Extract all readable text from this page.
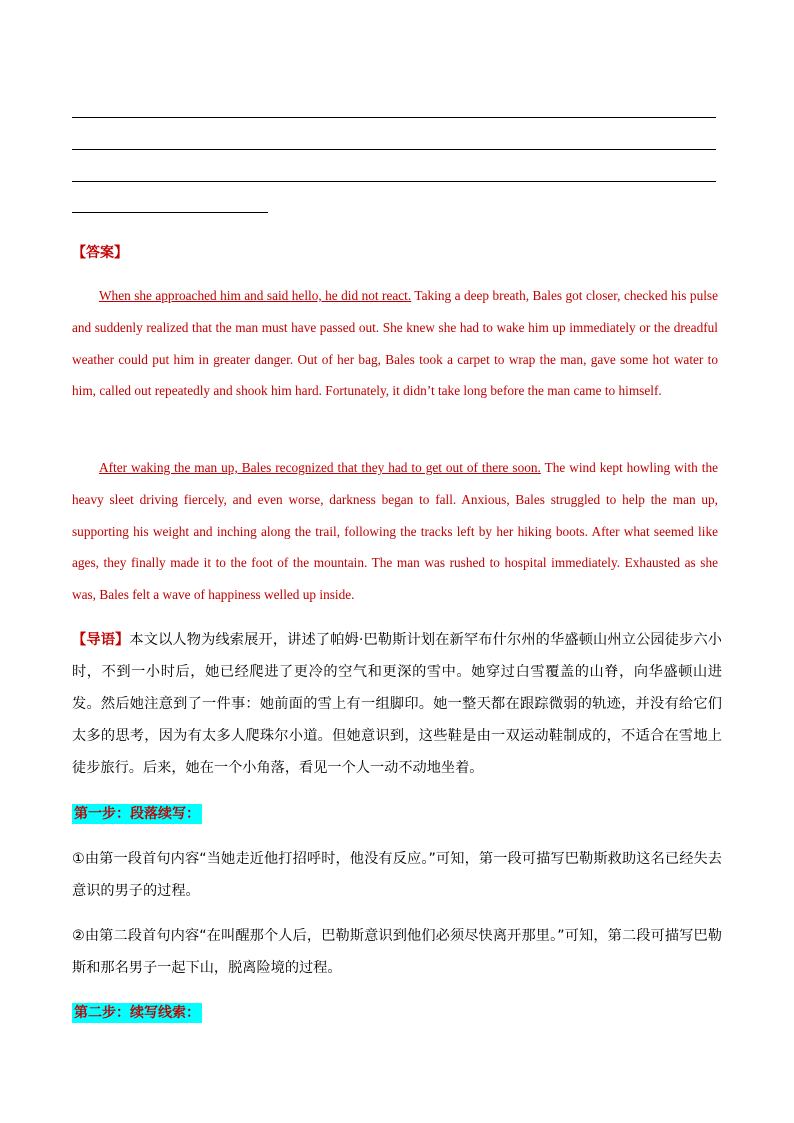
【答案】

When she approached him and said hello, he did not react. Taking a deep breath, Bales got closer, checked his pulse and suddenly realized that the man must have passed out. She knew she had to wake him up immediately or the dreadful weather could put him in greater danger. Out of her bag, Bales took a carpet to wrap the man, gave some hot water to him, called out repeatedly and shook him hard. Fortunately, it didn’t take long before the man came to himself.

After waking the man up, Bales recognized that they had to get out of there soon. The wind kept howling with the heavy sleet driving fiercely, and even worse, darkness began to fall. Anxious, Bales struggled to help the man up, supporting his weight and inching along the trail, following the tracks left by her hiking boots. After what seemed like ages, they finally made it to the foot of the mountain. The man was rushed to hospital immediately. Exhausted as she was, Bales felt a wave of happiness welled up inside.

【导语】本文以人物为线索展开，讲述了帕姆·巴勒斯计划在新罕布什尔州的华盛顿山州立公园徒步六小时，不到一小时后，她已经爬进了更冷的空气和更深的雪中。她穿过白雪覆盖的山脊，向华盛顿山进发。然后她注意到了一件事：她前面的雪上有一组脚印。她一整天都在跟踪微弱的轨迹，并没有给它们太多的思考，因为有太多人爬珠尔小道。但她意识到，这些鞋是由一双运动鞋制成的，不适合在雪地上徒步旅行。后来，她在一个小角落，看见一个人一动不动地坐着。

第一步：段落续写：

①由第一段首句内容“当她走近他打招呼时，他没有反应。”可知，第一段可描写巴勒斯救助这名已经失去意识的男子的过程。

②由第二段首句内容“在叫醒那个人后，巴勒斯意识到他们必须尽快离开那里。”可知，第二段可描写巴勒斯和那名男子一起下山，脱离险境的过程。

第二步：续写线索：
